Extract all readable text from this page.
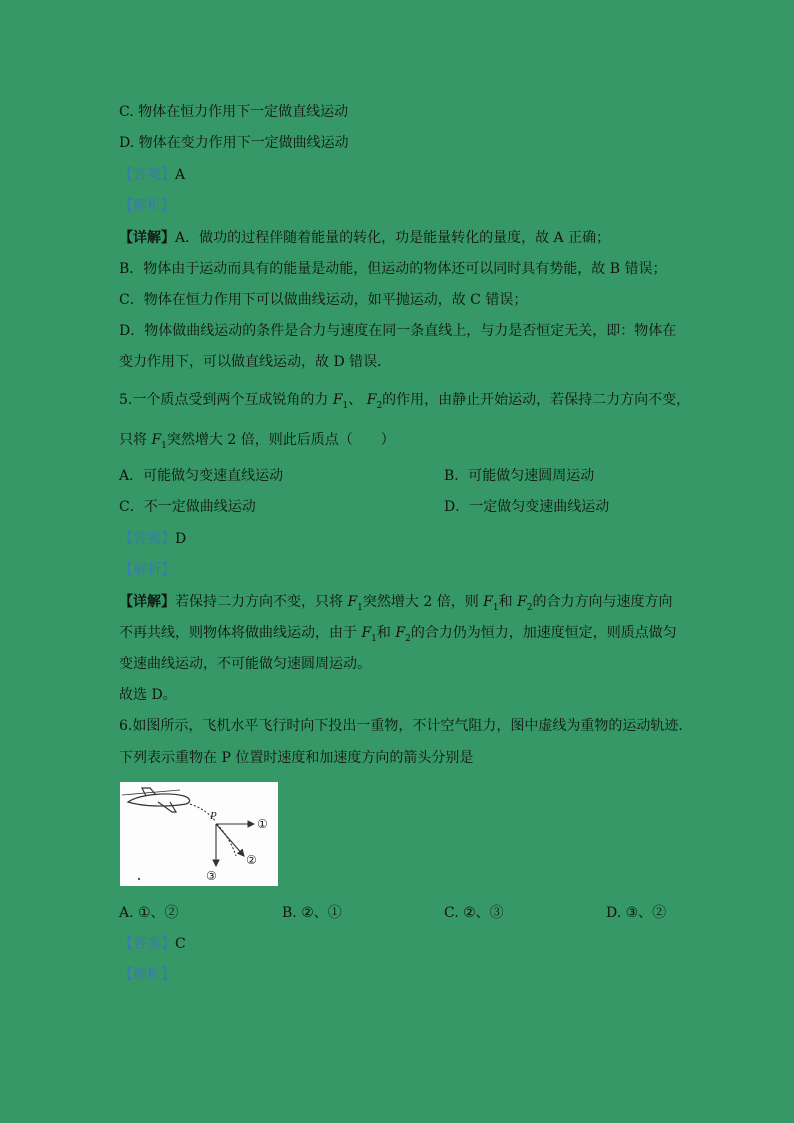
C. 物体在恒力作用下一定做直线运动
D. 物体在变力作用下一定做曲线运动
【答案】A
【解析】
【详解】A．做功的过程伴随着能量的转化，功是能量转化的量度，故 A 正确；
B．物体由于运动而具有的能量是动能，但运动的物体还可以同时具有势能，故 B 错误；
C．物体在恒力作用下可以做曲线运动，如平抛运动，故 C 错误；
D．物体做曲线运动的条件是合力与速度在同一条直线上，与力是否恒定无关，即：物体在
变力作用下，可以做直线运动，故 D 错误．
5.一个质点受到两个互成锐角的力 $F_1$、 $F_2$的作用，由静止开始运动，若保持二力方向不变，
只将 $F_1$突然增大 2 倍，则此后质点（　　）
A．可能做匀变速直线运动	B．可能做匀速圆周运动
C．不一定做曲线运动	D．一定做匀变速曲线运动
【答案】D
【解析】
【详解】若保持二力方向不变，只将 $F_1$突然增大 2 倍，则 $F_1$和 $F_2$的合力方向与速度方向
不再共线，则物体将做曲线运动，由于 $F_1$和 $F_2$的合力仍为恒力，加速度恒定，则质点做匀
变速曲线运动，不可能做匀速圆周运动。
故选 D。
6.如图所示，飞机水平飞行时向下投出一重物，不计空气阻力，图中虚线为重物的运动轨迹.
下列表示重物在 P 位置时速度和加速度方向的箭头分别是
P
①
②
③
A. ①、②	B. ②、①	C. ②、③	D. ③、②
【答案】C
【解析】
